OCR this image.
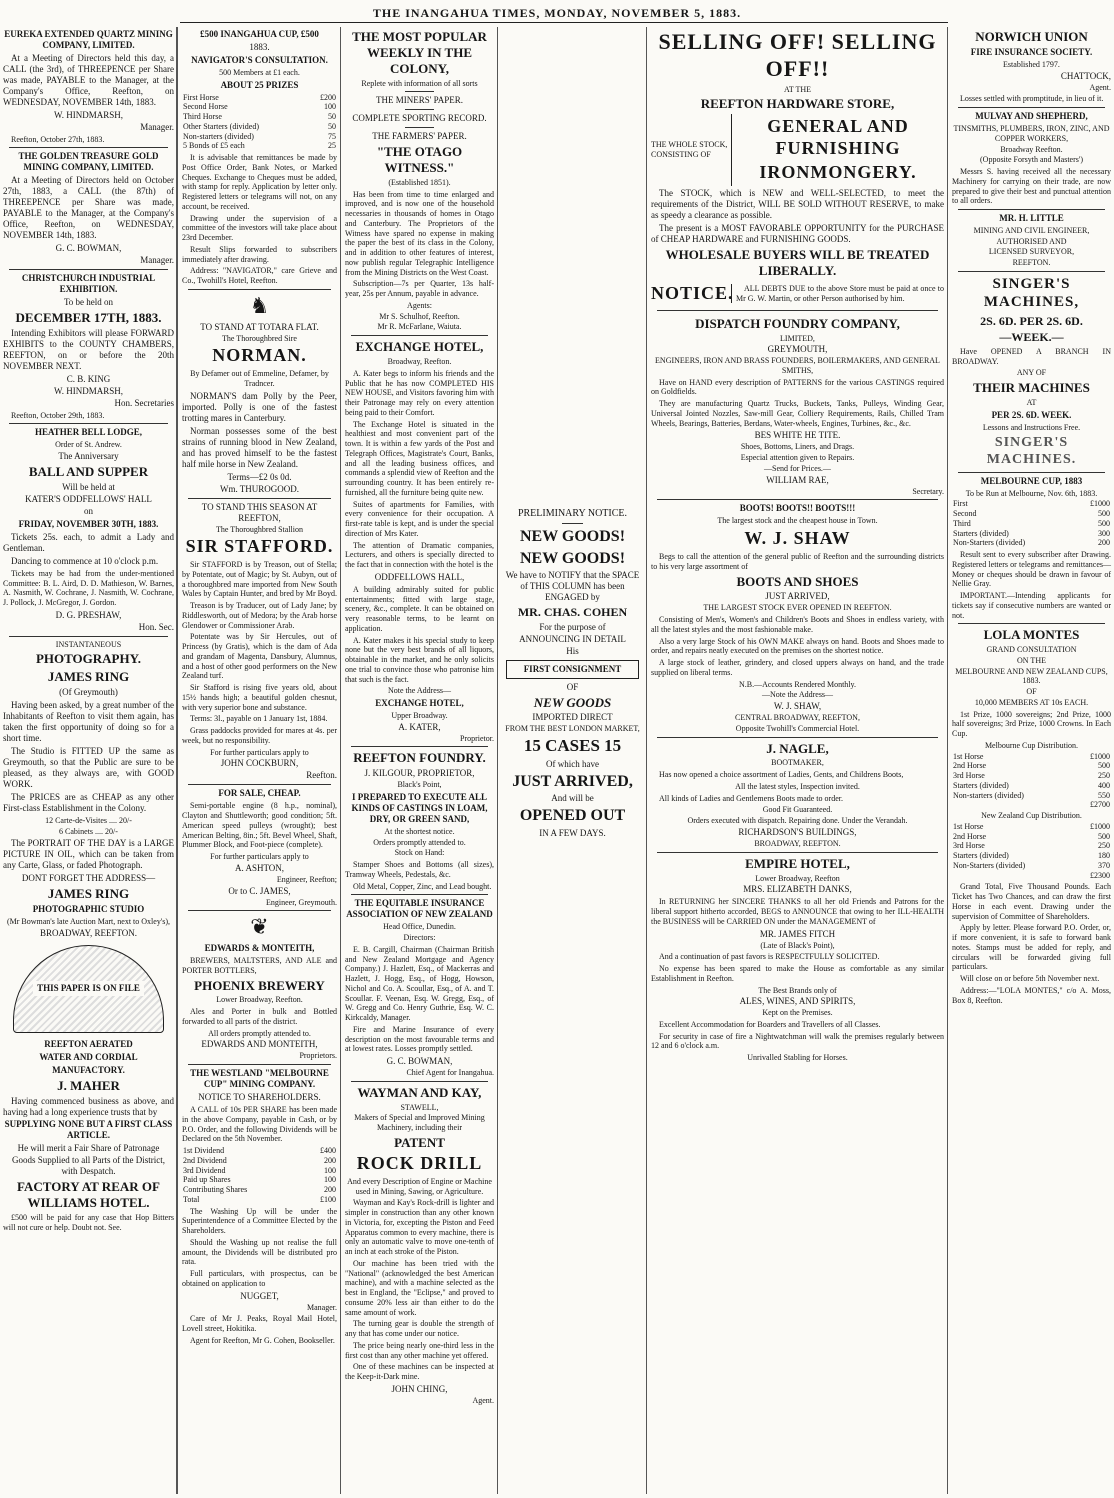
THE INANGAHUA TIMES, MONDAY, NOVEMBER 5, 1883.
EUREKA EXTENDED QUARTZ MINING COMPANY, LIMITED.
At a Meeting of Directors held this day, a CALL (the 3rd), of THREEPENCE per Share was made, PAYABLE to the Manager, at the Company's Office, Reefton, on WEDNESDAY, NOVEMBER 14th, 1883.
W. HINDMARSH,
Manager.
Reefton, October 27th, 1883.
THE GOLDEN TREASURE GOLD MINING COMPANY, LIMITED.
At a Meeting of Directors held on October 27th, 1883, a CALL (the 87th) of THREEPENCE per Share was made, PAYABLE to the Manager, at the Company's Office, Reefton, on WEDNESDAY, NOVEMBER 14th, 1883.
G. C. BOWMAN,
Manager.
CHRISTCHURCH INDUSTRIAL EXHIBITION.
To be held on
DECEMBER 17TH, 1883.
Intending Exhibitors will please FORWARD EXHIBITS to the COUNTY CHAMBERS, REEFTON, on or before the 20th NOVEMBER NEXT.
C. B. KING
W. HINDMARSH,
Hon. Secretaries
Reefton, October 29th, 1883.
HEATHER BELL LODGE,
Order of St. Andrew.
The Anniversary
BALL AND SUPPER
Will be held at
KATER'S ODDFELLOWS' HALL
on
FRIDAY, NOVEMBER 30TH, 1883.
Tickets 25s. each, to admit a Lady and Gentleman.
Dancing to commence at 10 o'clock p.m.
Tickets may be had from the under-mentioned Committee: B. L. Aird, D. D. Mathieson, W. Barnes, A. Nasmith, W. Cochrane, J. Nasmith, W. Cochrane, J. Pollock, J. McGregor, J. Gordon.
D. G. PRESHAW,
Hon. Sec.
INSTANTANEOUS
PHOTOGRAPHY.
JAMES RING
(Of Greymouth)
Having been asked, by a great number of the Inhabitants of Reefton to visit them again, has taken the first opportunity of doing so for a short time.
The Studio is FITTED UP the same as Greymouth, so that the Public are sure to be pleased, as they always are, with GOOD WORK.
The PRICES are as CHEAP as any other First-class Establishment in the Colony.
12 Carte-de-Visites .... 20/-
6 Cabinets .... 20/-
The PORTRAIT OF THE DAY is a LARGE PICTURE IN OIL, which can be taken from any Carte, Glass, or faded Photograph.
DONT FORGET THE ADDRESS—
JAMES RING
PHOTOGRAPHIC STUDIO
(Mr Bowman's late Auction Mart, next to Oxley's),
BROADWAY, REEFTON.
THIS PAPER IS ON FILE
REEFTON AERATED
WATER AND CORDIAL
MANUFACTORY.
J. MAHER
Having commenced business as above, and having had a long experience trusts that by
SUPPLYING NONE BUT A FIRST CLASS ARTICLE.
He will merit a Fair Share of Patronage
Goods Supplied to all Parts of the District, with Despatch.
FACTORY AT REAR OF WILLIAMS HOTEL.
£500 will be paid for any case that Hop Bitters will not cure or help. Doubt not. See.
£500 INANGAHUA CUP, £500
1883.
NAVIGATOR'S CONSULTATION.
500 Members at £1 each.
ABOUT 25 PRIZES
First Horse	£200
Second Horse	100
Third Horse	50
Other Starters (divided)	50
Non-starters (divided)	75
5 Bonds of £5 each	25
It is advisable that remittances be made by Post Office Order, Bank Notes, or Marked Cheques. Exchange to Cheques must be added, with stamp for reply. Application by letter only. Registered letters or telegrams will not, on any account, be received.
Drawing under the supervision of a committee of the investors will take place about 23rd December.
Result Slips forwarded to subscribers immediately after drawing.
Address: "NAVIGATOR," care Grieve and Co., Twohill's Hotel, Reefton.
♞
TO STAND AT TOTARA FLAT.
The Thoroughbred Sire
NORMAN.
By Defamer out of Emmeline, Defamer, by Tradncer.
NORMAN'S dam Polly by the Peer, imported. Polly is one of the fastest trotting mares in Canterbury.
Norman possesses some of the best strains of running blood in New Zealand, and has proved himself to be the fastest half mile horse in New Zealand.
Terms—£2 0s 0d.
Wm. THUROGOOD.
TO STAND THIS SEASON AT REEFTON,
The Thoroughbred Stallion
SIR STAFFORD.
Sir STAFFORD is by Treason, out of Stella; by Potentate, out of Magic; by St. Aubyn, out of a thoroughbred mare imported from New South Wales by Captain Hunter, and bred by Mr Boyd.
Treason is by Traducer, out of Lady Jane; by Riddlesworth, out of Medora; by the Arab horse Glendower or Commissioner Arab.
Potentate was by Sir Hercules, out of Princess (by Gratis), which is the dam of Ada and grandam of Magenta, Dansbury, Alumnus, and a host of other good performers on the New Zealand turf.
Sir Stafford is rising five years old, about 15½ hands high; a beautiful golden chesnut, with very superior bone and substance.
Terms: 3l., payable on 1 January 1st, 1884.
Grass paddocks provided for mares at 4s. per week, but no responsibility.
For further particulars apply to
JOHN COCKBURN,
Reefton.
FOR SALE, CHEAP.
Semi-portable engine (8 h.p., nominal), Clayton and Shuttleworth; good condition; 5ft. American speed pulleys (wrought); best American Belting, 8in.; 5ft. Bevel Wheel, Shaft, Plummer Block, and Foot-piece (complete).
For further particulars apply to
A. ASHTON,
Engineer, Reefton;
Or to C. JAMES,
Engineer, Greymouth.
❦
EDWARDS & MONTEITH,
BREWERS, MALTSTERS, AND ALE and PORTER BOTTLERS,
PHOENIX BREWERY
Lower Broadway, Reefton.
Ales and Porter in bulk and Bottled forwarded to all parts of the district.
All orders promptly attended to.
EDWARDS AND MONTEITH,
Proprietors.
THE WESTLAND "MELBOURNE CUP" MINING COMPANY.
NOTICE TO SHAREHOLDERS.
A CALL of 10s PER SHARE has been made in the above Company, payable in Cash, or by P.O. Order, and the following Dividends will be Declared on the 5th November.
1st Dividend	£400
2nd Dividend	200
3rd Dividend	100
Paid up Shares	100
Contributing Shares	200
Total	£100
The Washing Up will be under the Superintendence of a Committee Elected by the Shareholders.
Should the Washing up not realise the full amount, the Dividends will be distributed pro rata.
Full particulars, with prospectus, can be obtained on application to
NUGGET,
Manager.
Care of Mr J. Peaks, Royal Mail Hotel, Lovell street, Hokitika.
Agent for Reefton, Mr G. Cohen, Bookseller.
THE MOST POPULAR WEEKLY IN THE COLONY,
Replete with information of all sorts
THE MINERS' PAPER.
COMPLETE SPORTING RECORD.
THE FARMERS' PAPER.
"THE OTAGO WITNESS."
(Established 1851).
Has been from time to time enlarged and improved, and is now one of the household necessaries in thousands of homes in Otago and Canterbury. The Proprietors of the Witness have spared no expense in making the paper the best of its class in the Colony, and in addition to other features of interest, now publish regular Telegraphic Intelligence from the Mining Districts on the West Coast.
Subscription—7s per Quarter, 13s half-year, 25s per Annum, payable in advance.
Agents:
Mr S. Schulhof, Reefton.
Mr R. McFarlane, Waiuta.
EXCHANGE HOTEL,
Broadway, Reefton.
A. Kater begs to inform his friends and the Public that he has now COMPLETED HIS NEW HOUSE, and Visitors favoring him with their Patronage may rely on every attention being paid to their Comfort.
The Exchange Hotel is situated in the healthiest and most convenient part of the town. It is within a few yards of the Post and Telegraph Offices, Magistrate's Court, Banks, and all the leading business offices, and commands a splendid view of Reefton and the surrounding country. It has been entirely re-furnished, all the furniture being quite new.
Suites of apartments for Families, with every convenience for their occupation. A first-rate table is kept, and is under the special direction of Mrs Kater.
The attention of Dramatic companies, Lecturers, and others is specially directed to the fact that in connection with the hotel is the
ODDFELLOWS HALL,
A building admirably suited for public entertainments; fitted with large stage, scenery, &c., complete. It can be obtained on very reasonable terms, to be learnt on application.
A. Kater makes it his special study to keep none but the very best brands of all liquors, obtainable in the market, and he only solicits one trial to convince those who patronise him that such is the fact.
Note the Address—
EXCHANGE HOTEL,
Upper Broadway.
A. KATER,
Proprietor.
REEFTON FOUNDRY.
J. KILGOUR, PROPRIETOR,
Black's Point,
I PREPARED TO EXECUTE ALL KINDS OF CASTINGS IN LOAM, DRY, OR GREEN SAND,
At the shortest notice.
Orders promptly attended to.
Stock on Hand:
Stamper Shoes and Bottoms (all sizes), Tramway Wheels, Pedestals, &c.
Old Metal, Copper, Zinc, and Lead bought.
THE EQUITABLE INSURANCE ASSOCIATION OF NEW ZEALAND
Head Office, Dunedin.
Directors:
E. B. Cargill, Chairman (Chairman British and New Zealand Mortgage and Agency Company.) J. Hazlett, Esq., of Mackerras and Hazlett, J. Hogg, Esq., of Hogg, Howson, Nichol and Co. A. Scoullar, Esq., of A. and T. Scoullar. F. Veenan, Esq. W. Gregg, Esq., of W. Gregg and Co. Henry Guthrie, Esq. W. C. Kirkcaldy, Manager.
Fire and Marine Insurance of every description on the most favourable terms and at lowest rates. Losses promptly settled.
G. C. BOWMAN,
Chief Agent for Inangahua.
WAYMAN AND KAY,
STAWELL,
Makers of Special and Improved Mining Machinery, including their
PATENT
ROCK DRILL
And every Description of Engine or Machine used in Mining, Sawing, or Agriculture.
Wayman and Kay's Rock-drill is lighter and simpler in construction than any other known in Victoria, for, excepting the Piston and Feed Apparatus common to every machine, there is only an automatic valve to move one-tenth of an inch at each stroke of the Piston.
Our machine has been tried with the "National" (acknowledged the best American machine), and with a machine selected as the best in England, the "Eclipse," and proved to consume 20% less air than either to do the same amount of work.
The turning gear is double the strength of any that has come under our notice.
The price being nearly one-third less in the first cost than any other machine yet offered.
One of these machines can be inspected at the Keep-it-Dark mine.
JOHN CHING,
Agent.
PRELIMINARY NOTICE.
NEW GOODS!
NEW GOODS!
We have to NOTIFY that the SPACE of THIS COLUMN has been ENGAGED by
MR. CHAS. COHEN
For the purpose of
ANNOUNCING IN DETAIL
His
FIRST CONSIGNMENT
OF
NEW GOODS
IMPORTED DIRECT
FROM THE BEST LONDON MARKET,
15 CASES 15
Of which have
JUST ARRIVED,
And will be
OPENED OUT
IN A FEW DAYS.
SELLING OFF! SELLING OFF!!
AT THE
REEFTON HARDWARE STORE,
THE WHOLE STOCK,
CONSISTING OF
GENERAL AND FURNISHING
IRONMONGERY.
The STOCK, which is NEW and WELL-SELECTED, to meet the requirements of the District, WILL BE SOLD WITHOUT RESERVE, to make as speedy a clearance as possible.
The present is a MOST FAVORABLE OPPORTUNITY for the PURCHASE of CHEAP HARDWARE and FURNISHING GOODS.
WHOLESALE BUYERS WILL BE TREATED LIBERALLY.
NOTICE.	ALL DEBTS DUE to the above Store must be paid at once to Mr G. W. Martin, or other Person authorised by him.
DISPATCH FOUNDRY COMPANY,
LIMITED,
GREYMOUTH,
ENGINEERS, IRON AND BRASS FOUNDERS, BOILERMAKERS, AND GENERAL SMITHS,
Have on HAND every description of PATTERNS for the various CASTINGS required on Goldfields.
They are manufacturing Quartz Trucks, Buckets, Tanks, Pulleys, Winding Gear, Universal Jointed Nozzles, Saw-mill Gear, Colliery Requirements, Rails, Chilled Tram Wheels, Bearings, Batteries, Berdans, Water-wheels, Engines, Turbines, &c., &c.
BES WHITE HE TITE.
Shoes, Bottoms, Liners, and Drags.
Especial attention given to Repairs.
—Send for Prices.—
WILLIAM RAE,
Secretary.
BOOTS! BOOTS!! BOOTS!!!
The largest stock and the cheapest house in Town.
W. J. SHAW
Begs to call the attention of the general public of Reefton and the surrounding districts to his very large assortment of
BOOTS AND SHOES
JUST ARRIVED,
THE LARGEST STOCK EVER OPENED IN REEFTON.
Consisting of Men's, Women's and Children's Boots and Shoes in endless variety, with all the latest styles and the most fashionable make.
Also a very large Stock of his OWN MAKE always on hand. Boots and Shoes made to order, and repairs neatly executed on the premises on the shortest notice.
A large stock of leather, grindery, and closed uppers always on hand, and the trade supplied on liberal terms.
N.B.—Accounts Rendered Monthly.
—Note the Address—
W. J. SHAW,
CENTRAL BROADWAY, REEFTON,
Opposite Twohill's Commercial Hotel.
J. NAGLE,
BOOTMAKER,
Has now opened a choice assortment of Ladies, Gents, and Childrens Boots,
All the latest styles, Inspection invited.
All kinds of Ladies and Gentlemens Boots made to order.
Good Fit Guaranteed.
Orders executed with dispatch. Repairing done. Under the Verandah.
RICHARDSON'S BUILDINGS,
BROADWAY, REEFTON.
EMPIRE HOTEL,
Lower Broadway, Reefton
MRS. ELIZABETH DANKS,
In RETURNING her SINCERE THANKS to all her old Friends and Patrons for the liberal support hitherto accorded, BEGS to ANNOUNCE that owing to her ILL-HEALTH the BUSINESS will be CARRIED ON under the MANAGEMENT of
MR. JAMES FITCH
(Late of Black's Point),
And a continuation of past favors is RESPECTFULLY SOLICITED.
No expense has been spared to make the House as comfortable as any similar Establishment in Reefton.
The Best Brands only of
ALES, WINES, AND SPIRITS,
Kept on the Premises.
Excellent Accommodation for Boarders and Travellers of all Classes.
For security in case of fire a Nightwatchman will walk the premises regularly between 12 and 6 o'clock a.m.
Unrivalled Stabling for Horses.
NORWICH UNION
FIRE INSURANCE SOCIETY.
Established 1797.
CHATTOCK,
Agent.
Losses settled with promptitude, in lieu of it.
MULVAY AND SHEPHERD,
TINSMITHS, PLUMBERS, IRON, ZINC, AND COPPER WORKERS,
Broadway Reefton.
(Opposite Forsyth and Masters')
Messrs S. having received all the necessary Machinery for carrying on their trade, are now prepared to give their best and punctual attention to all orders.
MR. H. LITTLE
MINING AND CIVIL ENGINEER,
AUTHORISED AND
LICENSED SURVEYOR,
REEFTON.
SINGER'S MACHINES,
2S. 6D. PER 2S. 6D.
—WEEK.—
Have OPENED A BRANCH IN BROADWAY.
ANY OF
THEIR MACHINES
AT
PER 2S. 6D. WEEK.
Lessons and Instructions Free.
SINGER'S MACHINES.
MELBOURNE CUP, 1883
To be Run at Melbourne, Nov. 6th, 1883.
First	£1000
Second	500
Third	500
Starters (divided)	300
Non-Starters (divided)	200
Result sent to every subscriber after Drawing. Registered letters or telegrams and remittances—Money or cheques should be drawn in favour of Nellie Gray.
IMPORTANT.—Intending applicants for tickets say if consecutive numbers are wanted or not.
LOLA MONTES
GRAND CONSULTATION
ON THE
MELBOURNE AND NEW ZEALAND CUPS, 1883.
OF
10,000 MEMBERS AT 10s EACH.
1st Prize, 1000 sovereigns; 2nd Prize, 1000 half sovereigns; 3rd Prize, 1000 Crowns. In Each Cup.
Melbourne Cup Distribution.
1st Horse	£1000
2nd Horse	500
3rd Horse	250
Starters (divided)	400
Non-starters (divided)	550
	£2700
New Zealand Cup Distribution.
1st Horse	£1000
2nd Horse	500
3rd Horse	250
Starters (divided)	180
Non-Starters (divided)	370
	£2300
Grand Total, Five Thousand Pounds. Each Ticket has Two Chances, and can draw the first Horse in each event. Drawing under the supervision of Committee of Shareholders.
Apply by letter. Please forward P.O. Order, or, if more convenient, it is safe to forward bank notes. Stamps must be added for reply, and circulars will be forwarded giving full particulars.
Will close on or before 5th November next.
Address:—"LOLA MONTES," c/o A. Moss, Box 8, Reefton.
